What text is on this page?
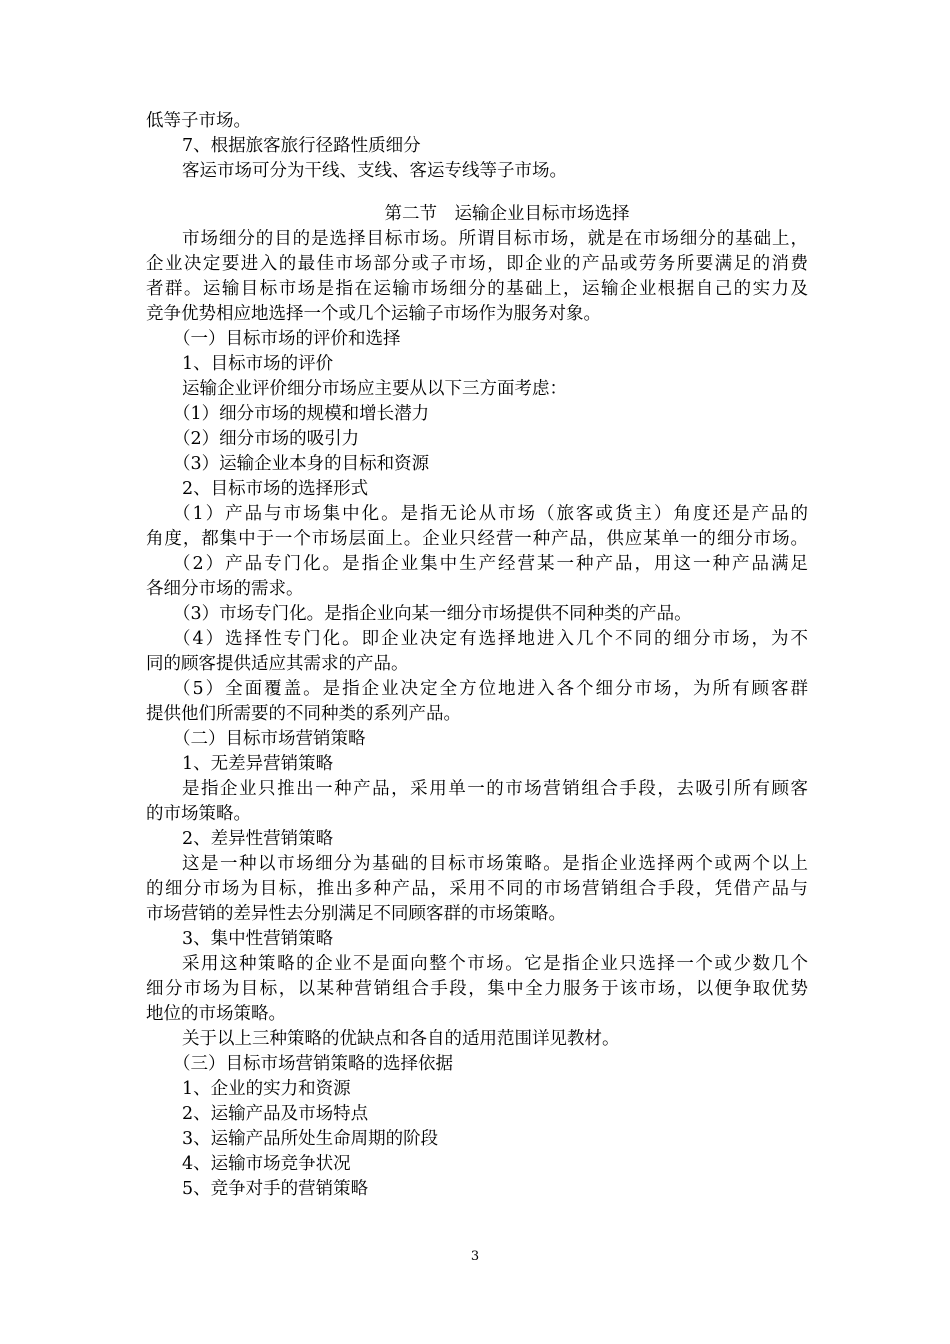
低等子市场。
7、根据旅客旅行径路性质细分
客运市场可分为干线、支线、客运专线等子市场。
第二节　运输企业目标市场选择
市场细分的目的是选择目标市场。所谓目标市场，就是在市场细分的基础上，
企业决定要进入的最佳市场部分或子市场，即企业的产品或劳务所要满足的消费
者群。运输目标市场是指在运输市场细分的基础上，运输企业根据自己的实力及
竞争优势相应地选择一个或几个运输子市场作为服务对象。
（一）目标市场的评价和选择
1、目标市场的评价
运输企业评价细分市场应主要从以下三方面考虑：
（1）细分市场的规模和增长潜力
（2）细分市场的吸引力
（3）运输企业本身的目标和资源
2、目标市场的选择形式
（1）产品与市场集中化。是指无论从市场（旅客或货主）角度还是产品的
角度，都集中于一个市场层面上。企业只经营一种产品，供应某单一的细分市场。
（2）产品专门化。是指企业集中生产经营某一种产品，用这一种产品满足
各细分市场的需求。
（3）市场专门化。是指企业向某一细分市场提供不同种类的产品。
（4）选择性专门化。即企业决定有选择地进入几个不同的细分市场，为不
同的顾客提供适应其需求的产品。
（5）全面覆盖。是指企业决定全方位地进入各个细分市场，为所有顾客群
提供他们所需要的不同种类的系列产品。
（二）目标市场营销策略
1、无差异营销策略
是指企业只推出一种产品，采用单一的市场营销组合手段，去吸引所有顾客
的市场策略。
2、差异性营销策略
这是一种以市场细分为基础的目标市场策略。是指企业选择两个或两个以上
的细分市场为目标，推出多种产品，采用不同的市场营销组合手段，凭借产品与
市场营销的差异性去分别满足不同顾客群的市场策略。
3、集中性营销策略
采用这种策略的企业不是面向整个市场。它是指企业只选择一个或少数几个
细分市场为目标，以某种营销组合手段，集中全力服务于该市场，以便争取优势
地位的市场策略。
关于以上三种策略的优缺点和各自的适用范围详见教材。
（三）目标市场营销策略的选择依据
1、企业的实力和资源
2、运输产品及市场特点
3、运输产品所处生命周期的阶段
4、运输市场竞争状况
5、竞争对手的营销策略
3
